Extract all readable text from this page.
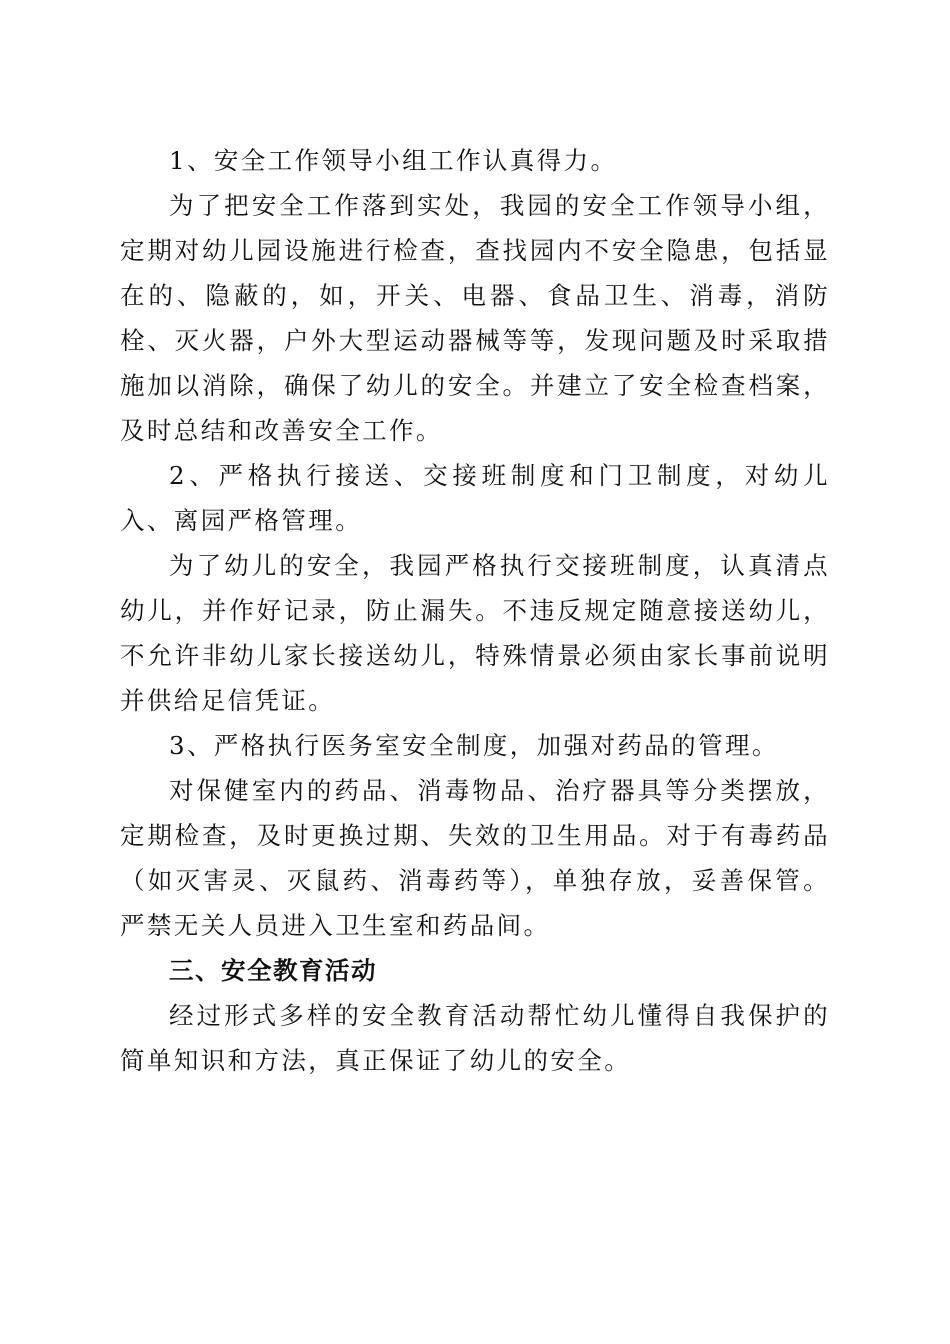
1、安全工作领导小组工作认真得力。

为了把安全工作落到实处，我园的安全工作领导小组，定期对幼儿园设施进行检查，查找园内不安全隐患，包括显在的、隐蔽的，如，开关、电器、食品卫生、消毒，消防栓、灭火器，户外大型运动器械等等，发现问题及时采取措施加以消除，确保了幼儿的安全。并建立了安全检查档案，及时总结和改善安全工作。

2、严格执行接送、交接班制度和门卫制度，对幼儿入、离园严格管理。

为了幼儿的安全，我园严格执行交接班制度，认真清点幼儿，并作好记录，防止漏失。不违反规定随意接送幼儿，不允许非幼儿家长接送幼儿，特殊情景必须由家长事前说明并供给足信凭证。

3、严格执行医务室安全制度，加强对药品的管理。

对保健室内的药品、消毒物品、治疗器具等分类摆放，定期检查，及时更换过期、失效的卫生用品。对于有毒药品（如灭害灵、灭鼠药、消毒药等），单独存放，妥善保管。严禁无关人员进入卫生室和药品间。

三、安全教育活动

经过形式多样的安全教育活动帮忙幼儿懂得自我保护的简单知识和方法，真正保证了幼儿的安全。
